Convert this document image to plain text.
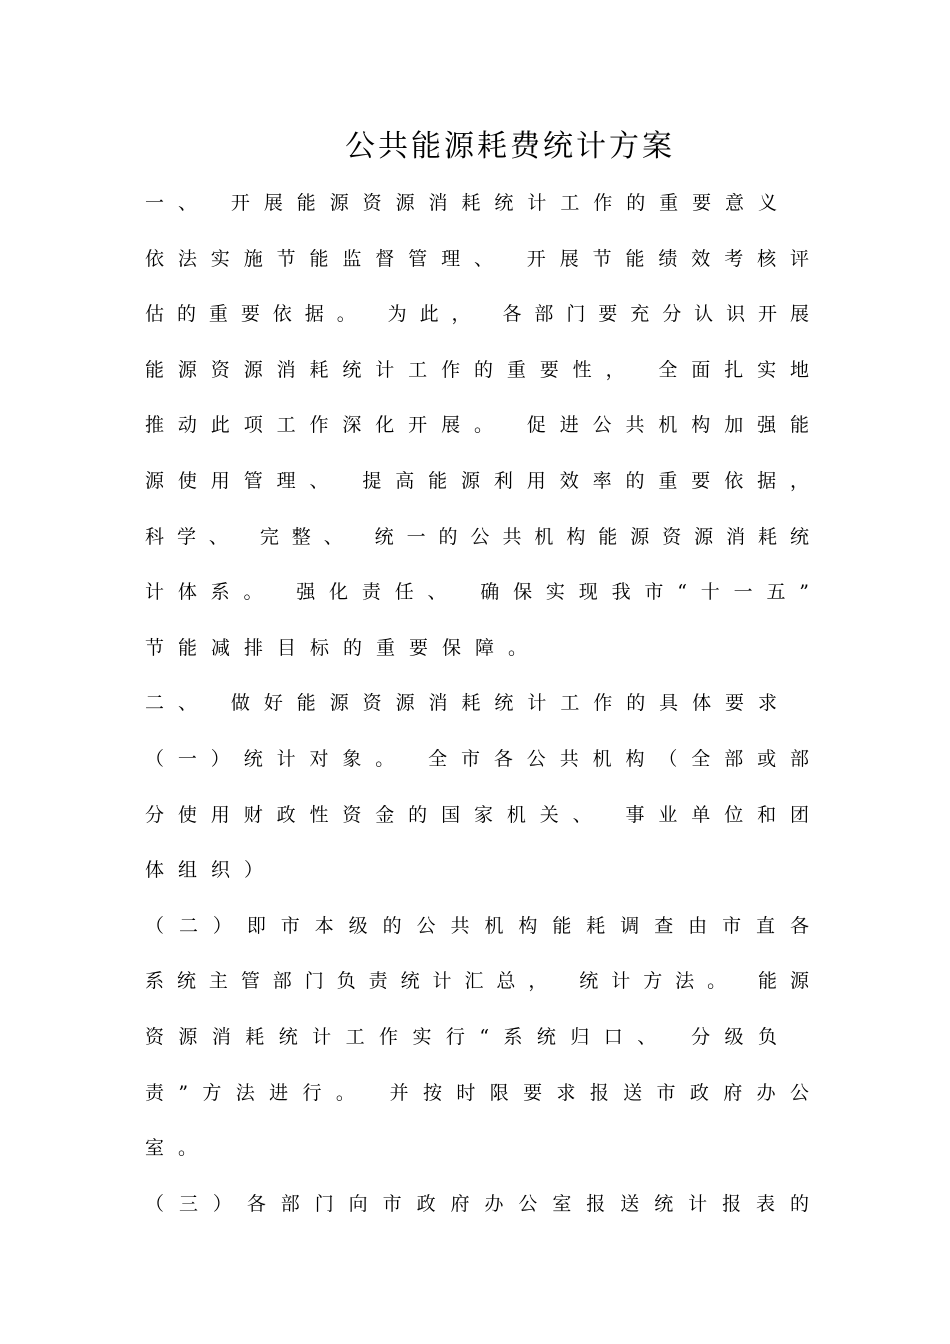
公共能源耗费统计方案
一、 开展能源资源消耗统计工作的重要意义
依法实施节能监督管理、 开展节能绩效考核评
估的重要依据。 为此， 各部门要充分认识开展
能源资源消耗统计工作的重要性， 全面扎实地
推动此项工作深化开展。 促进公共机构加强能
源使用管理、 提高能源利用效率的重要依据，
科学、 完整、 统一的公共机构能源资源消耗统
计体系。 强化责任、 确保实现我市“十一五”
节能减排目标的重要保障。
二、 做好能源资源消耗统计工作的具体要求
（一）统计对象。 全市各公共机构（全部或部
分使用财政性资金的国家机关、 事业单位和团
体组织）
（二）即市本级的公共机构能耗调查由市直各
系统主管部门负责统计汇总， 统计方法。 能源
资源消耗统计工作实行“系统归口、 分级负
责”方法进行。 并按时限要求报送市政府办公
室。
（三）各部门向市政府办公室报送统计报表的
